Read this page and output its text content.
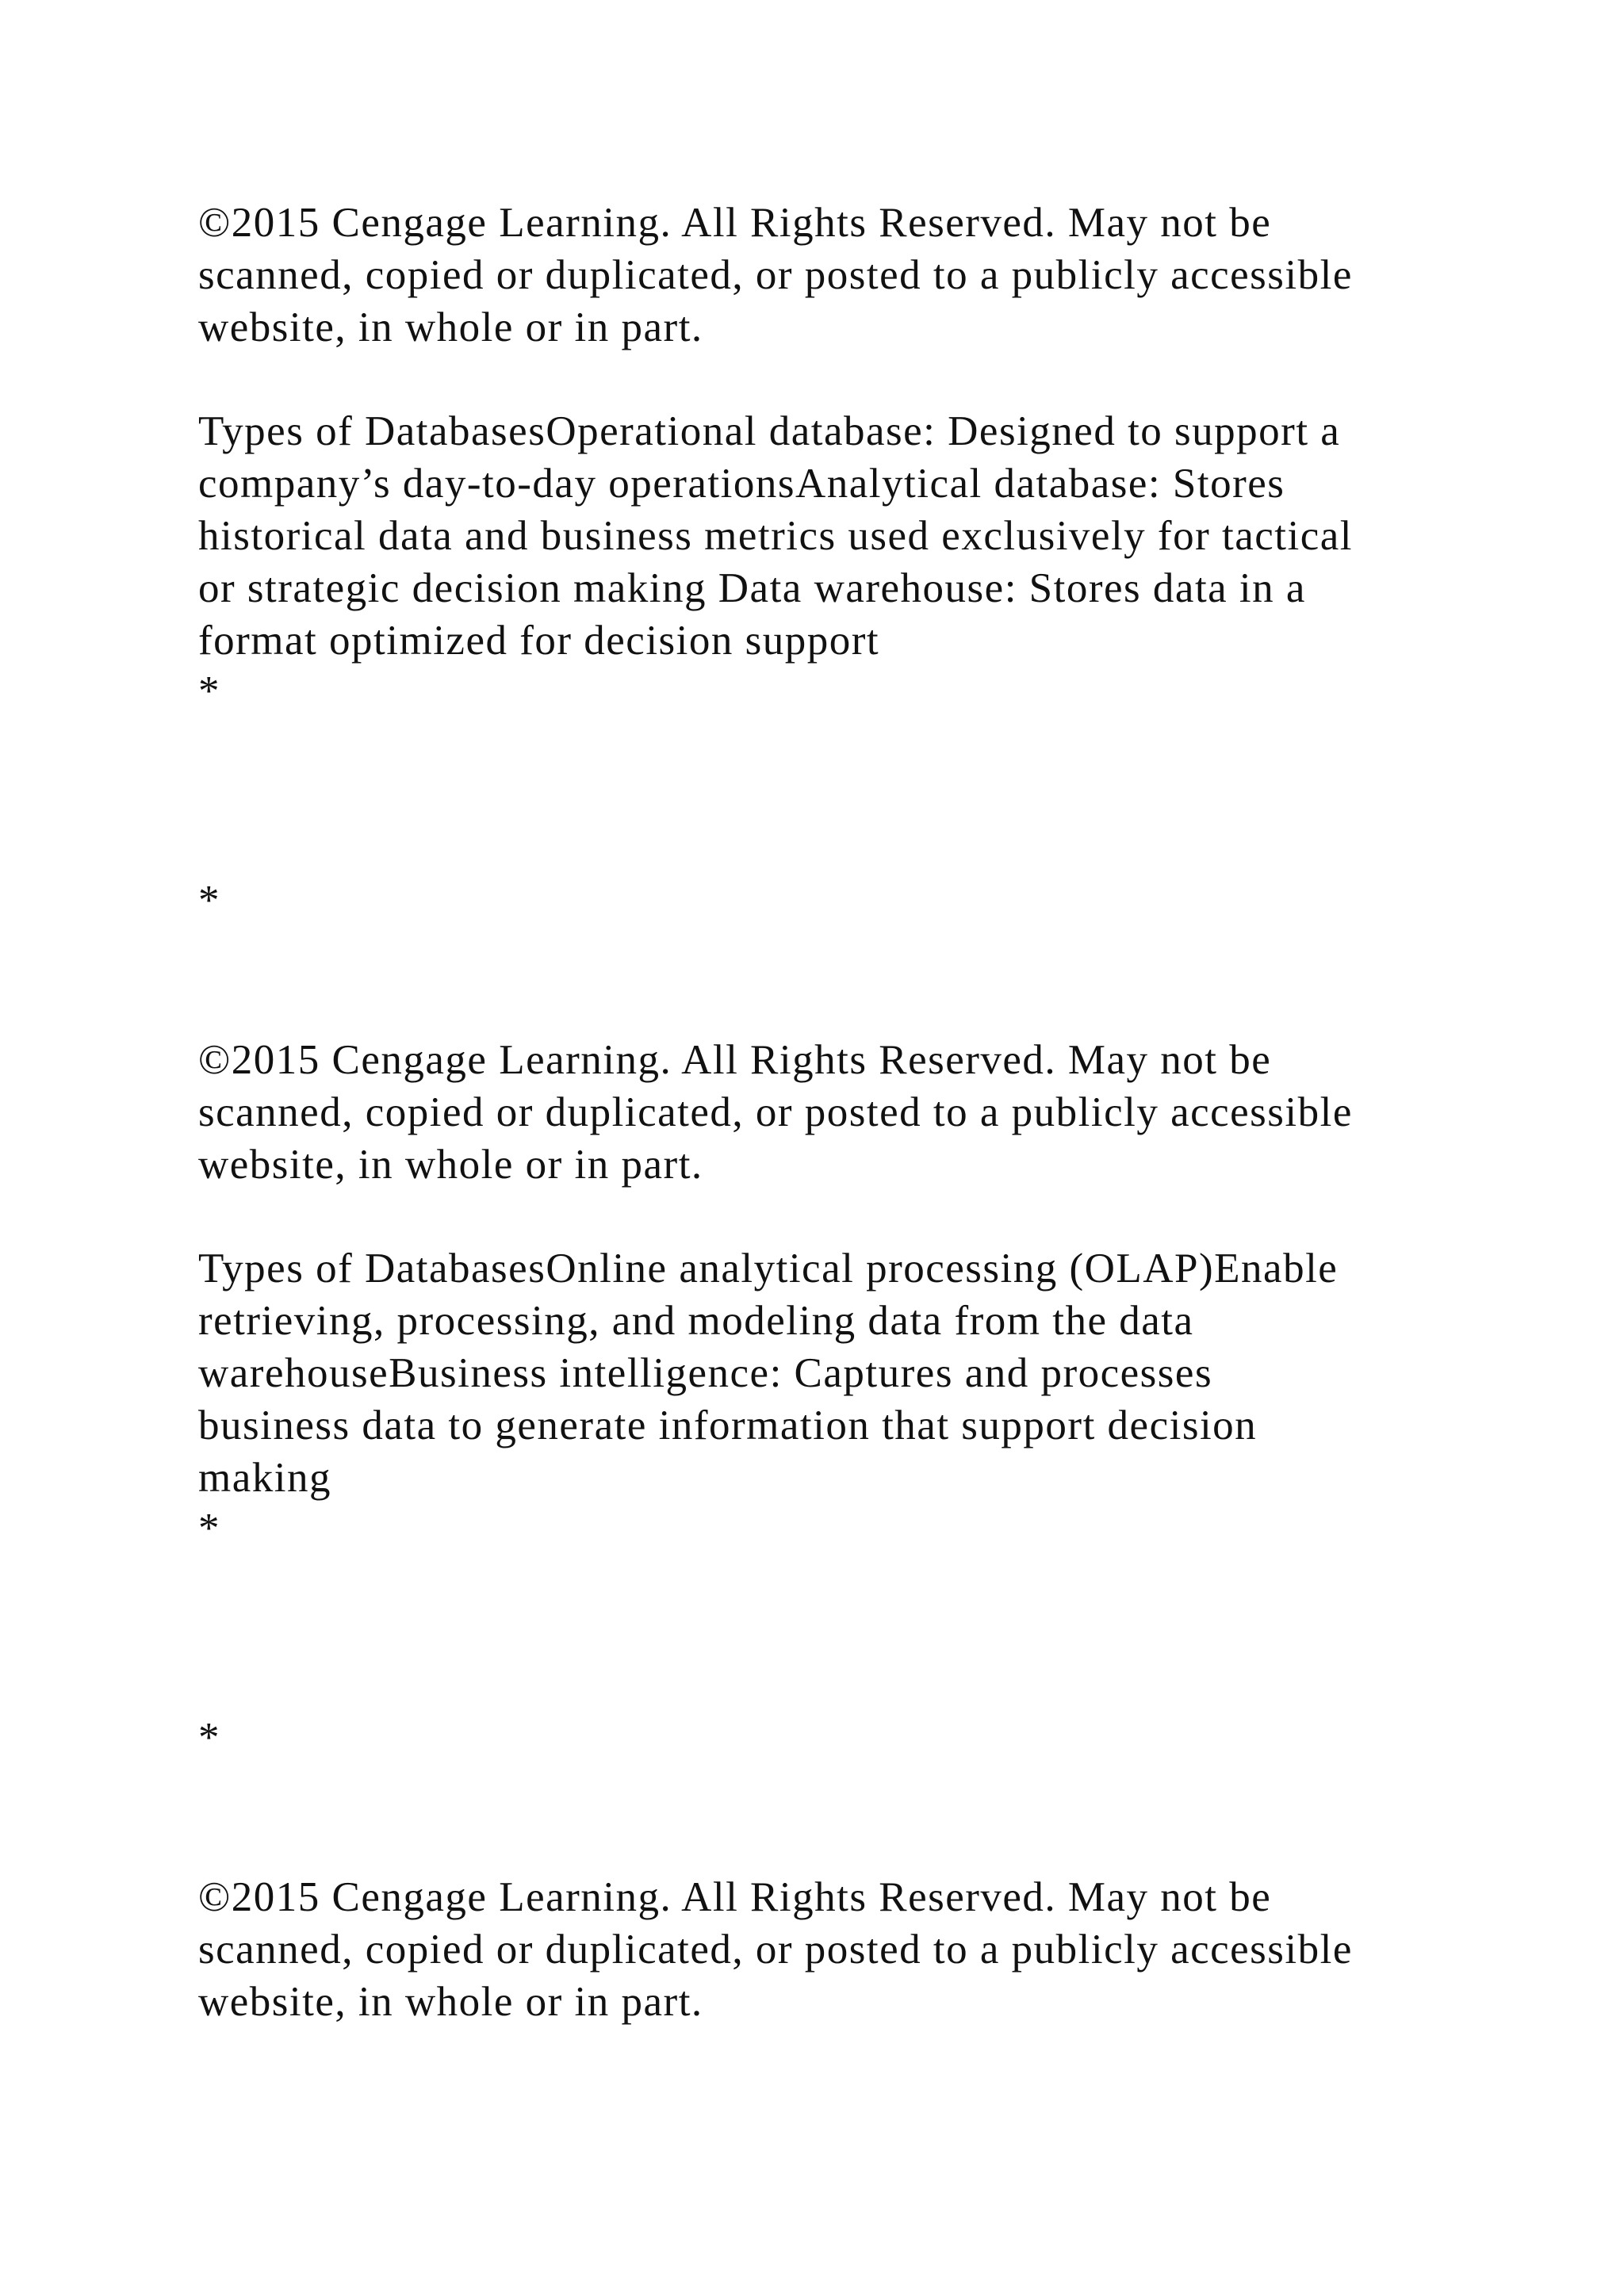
©2015 Cengage Learning. All Rights Reserved. May not be
scanned, copied or duplicated, or posted to a publicly accessible
website, in whole or in part.
Types of DatabasesOperational database: Designed to support a
company’s day-to-day operationsAnalytical database: Stores
historical data and business metrics used exclusively for tactical
or strategic decision making Data warehouse: Stores data in a
format optimized for decision support
*
*
©2015 Cengage Learning. All Rights Reserved. May not be
scanned, copied or duplicated, or posted to a publicly accessible
website, in whole or in part.
Types of DatabasesOnline analytical processing (OLAP)Enable
retrieving, processing, and modeling data from the data
warehouseBusiness intelligence: Captures and processes
business data to generate information that support decision
making
*
*
©2015 Cengage Learning. All Rights Reserved. May not be
scanned, copied or duplicated, or posted to a publicly accessible
website, in whole or in part.
